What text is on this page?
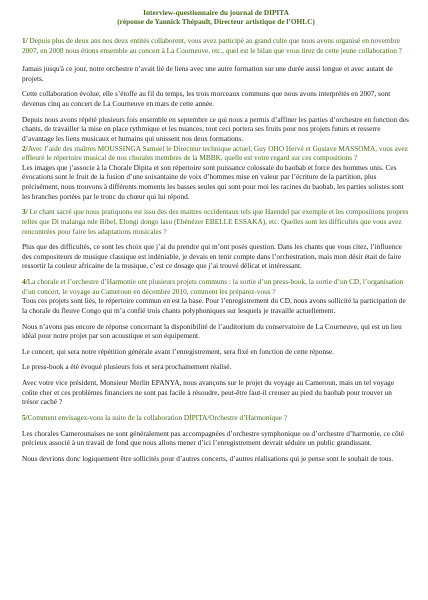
Interview-questionnaire du journal de DIPITA
(réponse de Yannick Thépault, Directeur artistique de l’OHLC)

1/ Depuis plus de deux ans nos deux entités collaborent, vous avez participé au grand culte que nous avons organisé en novembre 2007, en 2008 nous étions ensemble au concert à La Courneuve, etc., quel est le bilan que vous tirez de cette jeune collaboration ?

Jamais jusqu'à ce jour, notre orchestre n’avait lié de liens avec une autre formation sur une durée aussi longue et avec autant de projets.

Cette collaboration évolue, elle s’étoffe au fil du temps, les trois morceaux communs que nous avons interprétés en 2007, sont devenus cinq au concert de La Courneuve en mars de cette année.

Depuis nous avons répété plusieurs fois ensemble en septembre ce qui nous a permis d’affiner les parties d’orchestre en fonction des chants, de travailler la mise en place rythmique et les nuances, tout ceci portera ses fruits pour nos projets futurs et resserre d’avantage les liens musicaux et humains qui unissent nos deux formations.

2/Avec l’aide des maîtres MOUSSINGA Samuel le Directeur technique actuel, Guy OHO Hervé et Gustave MASSOMA, vous avez effleuré le répertoire musical de nos chorales membres de la MBBK, quelle est votre regard sur ces compositions ?

Les images que j’associe à la Chorale Dipita et son répertoire sont puissance colossale du baobab et force des hommes unis. Ces évocations sont le fruit de la fusion d’une soixantaine de voix d’hommes mise en valeur par l’écriture de la partition, plus précisément, nous trouvons à différents moments les basses seules qui sont pour moi les racines du baobab, les parties solistes sont les branches portées par le tronc du chœur qui lui répond.

3/ Le chant sacré que nous pratiquons est issu des des maitres occidentaux tels que Haendel par exemple et les compositions propres telles que Di malanga nde Bibel, Elongi dongo lasu (Ebénézer EBELLE ESSAKA), etc. Quelles sont les difficultés que vous avez rencontrées pour faire les adaptations musicales ?

Plus que des difficultés, ce sont les choix que j’ai du prendre qui m’ont posés question. Dans les chants que vous citez, l’influence des compositeurs de musique classique est indéniable, je devais en tenir compte dans l’orchestration, mais mon désir était de faire ressortir la couleur africaine de la musique, c’est ce dosage que j’ai trouvé délicat et intéressant.

4/La chorale et l’orchestre d’Harmonie ont plusieurs projets communs : la sortie d’un press-book, la sortie d’un CD, l’organisation d’un concert, le voyage au Cameroun en décembre 2010, comment les préparez-vous ?

Tous ces projets sont liés, le répertoire commun en est la base. Pour l’enregistrement du CD, nous avons sollicité la participation de la chorale du fleuve Congo qui m’a confié trois chants polyphoniques sur lesquels je travaille actuellement.

Nous n’avons pas encore de réponse concernant la disponibilité de l’auditorium du conservatoire de La Courneuve, qui est un lieu idéal pour notre projet par son acoustique et son équipement.

Le concert, qui sera notre répétition générale avant l’enregistrement, sera fixé en fonction de cette réponse.

Le press-book a été évoqué plusieurs fois et sera prochainement réalisé.

Avec votre vice président, Monsieur Merlin EPANYA, nous avançons sur le projet du voyage au Cameroun, mais un tel voyage coûte cher et ces problèmes financiers ne sont pas facile à résoudre, peut-être faut-il creuser au pied du baobab pour trouver un trésor caché ?

5/Comment envisagez-vous la suite de la collaboration DIPITA/Orchestre d’Harmonique ?

Les chorales Camerounaises ne sont généralement pas accompagnées d’orchestre symphonique ou d’orchestre d’harmonie, ce côté précieux associé à un travail de fond que nous allons mener d’ici l’enregistrement devrait séduire un public grandissant.

Nous devrions donc logiquement être sollicités pour d’autres concerts, d’autres réalisations qui je pense sont le souhait de tous.
